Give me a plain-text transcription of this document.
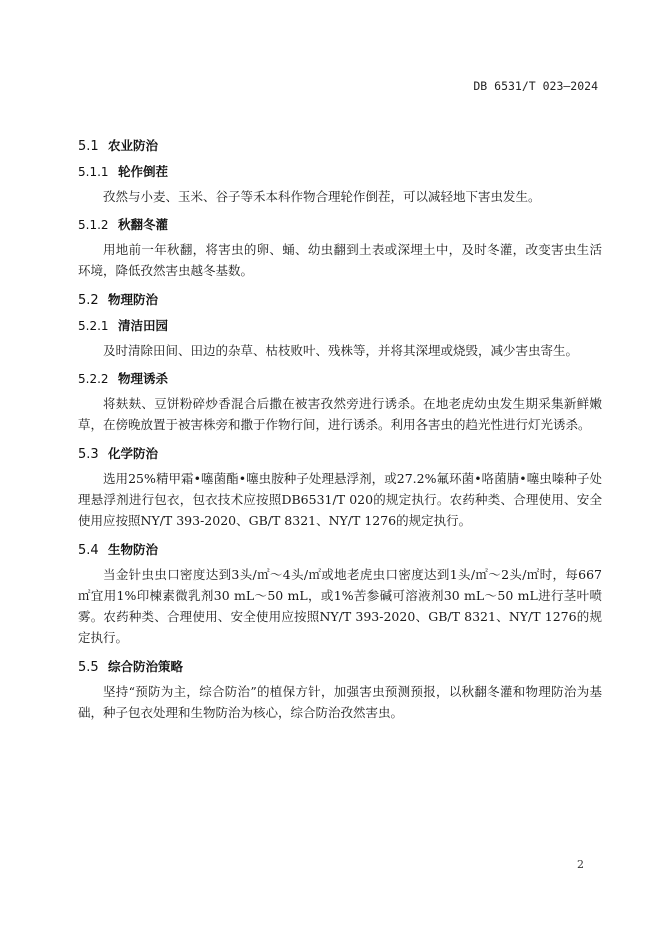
DB 6531/T 023—2024
5.1 农业防治
5.1.1 轮作倒茬
孜然与小麦、玉米、谷子等禾本科作物合理轮作倒茬，可以减轻地下害虫发生。
5.1.2 秋翻冬灌
用地前一年秋翻，将害虫的卵、蛹、幼虫翻到土表或深埋土中，及时冬灌，改变害虫生活环境，降低孜然害虫越冬基数。
5.2 物理防治
5.2.1 清洁田园
及时清除田间、田边的杂草、枯枝败叶、残株等，并将其深埋或烧毁，减少害虫寄生。
5.2.2 物理诱杀
将麸麸、豆饼粉碎炒香混合后撒在被害孜然旁进行诱杀。在地老虎幼虫发生期采集新鲜嫩草，在傍晚放置于被害株旁和撒于作物行间，进行诱杀。利用各害虫的趋光性进行灯光诱杀。
5.3 化学防治
选用25%精甲霜•噻菌酯•噻虫胺种子处理悬浮剂，或27.2%氟环菌•咯菌腈•噻虫嗪种子处理悬浮剂进行包衣，包衣技术应按照DB6531/T 020的规定执行。农药种类、合理使用、安全使用应按照NY/T 393-2020、GB/T 8321、NY/T 1276的规定执行。
5.4 生物防治
当金针虫虫口密度达到3头/㎡～4头/㎡或地老虎虫口密度达到1头/㎡～2头/㎡时，每667 ㎡宜用1%印楝素微乳剂30 mL～50 mL，或1%苦参碱可溶液剂30 mL～50 mL进行茎叶喷雾。农药种类、合理使用、安全使用应按照NY/T 393-2020、GB/T 8321、NY/T 1276的规定执行。
5.5 综合防治策略
坚持“预防为主，综合防治”的植保方针，加强害虫预测预报，以秋翻冬灌和物理防治为基础，种子包衣处理和生物防治为核心，综合防治孜然害虫。
2
